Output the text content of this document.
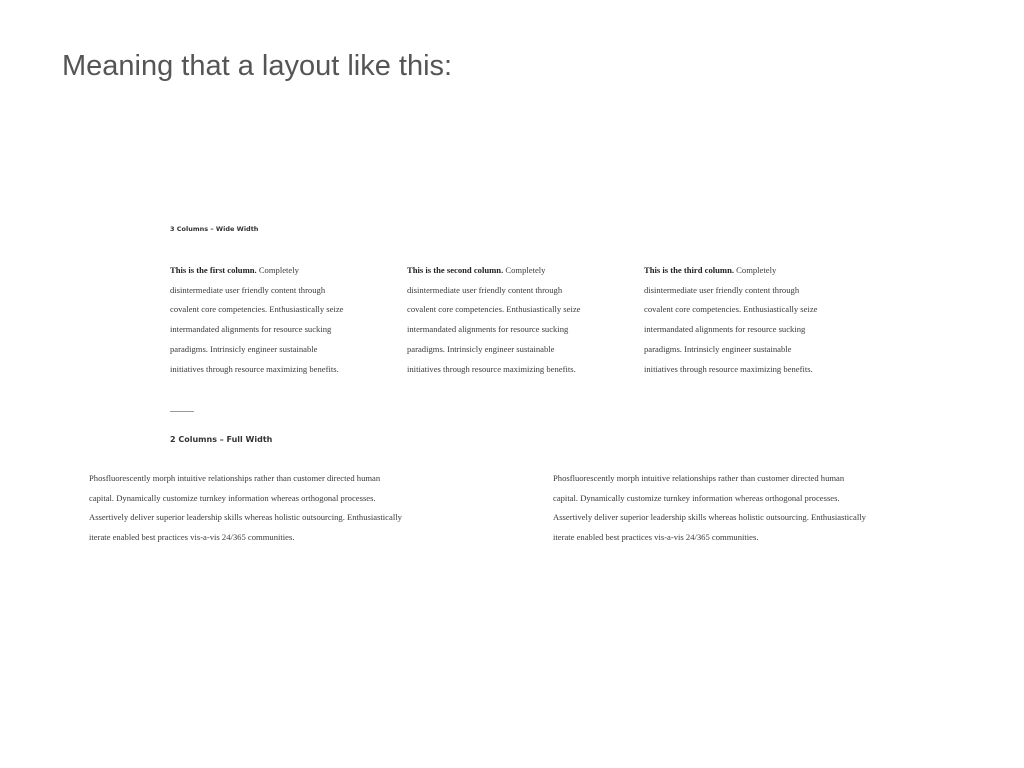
Meaning that a layout like this:
3 Columns – Wide Width
This is the first column. Completely
disintermediate user friendly content through
covalent core competencies. Enthusiastically seize
intermandated alignments for resource sucking
paradigms. Intrinsicly engineer sustainable
initiatives through resource maximizing benefits.
This is the second column. Completely
disintermediate user friendly content through
covalent core competencies. Enthusiastically seize
intermandated alignments for resource sucking
paradigms. Intrinsicly engineer sustainable
initiatives through resource maximizing benefits.
This is the third column. Completely
disintermediate user friendly content through
covalent core competencies. Enthusiastically seize
intermandated alignments for resource sucking
paradigms. Intrinsicly engineer sustainable
initiatives through resource maximizing benefits.
2 Columns – Full Width
Phosfluorescently morph intuitive relationships rather than customer directed human
capital. Dynamically customize turnkey information whereas orthogonal processes.
Assertively deliver superior leadership skills whereas holistic outsourcing. Enthusiastically
iterate enabled best practices vis-a-vis 24/365 communities.
Phosfluorescently morph intuitive relationships rather than customer directed human
capital. Dynamically customize turnkey information whereas orthogonal processes.
Assertively deliver superior leadership skills whereas holistic outsourcing. Enthusiastically
iterate enabled best practices vis-a-vis 24/365 communities.
